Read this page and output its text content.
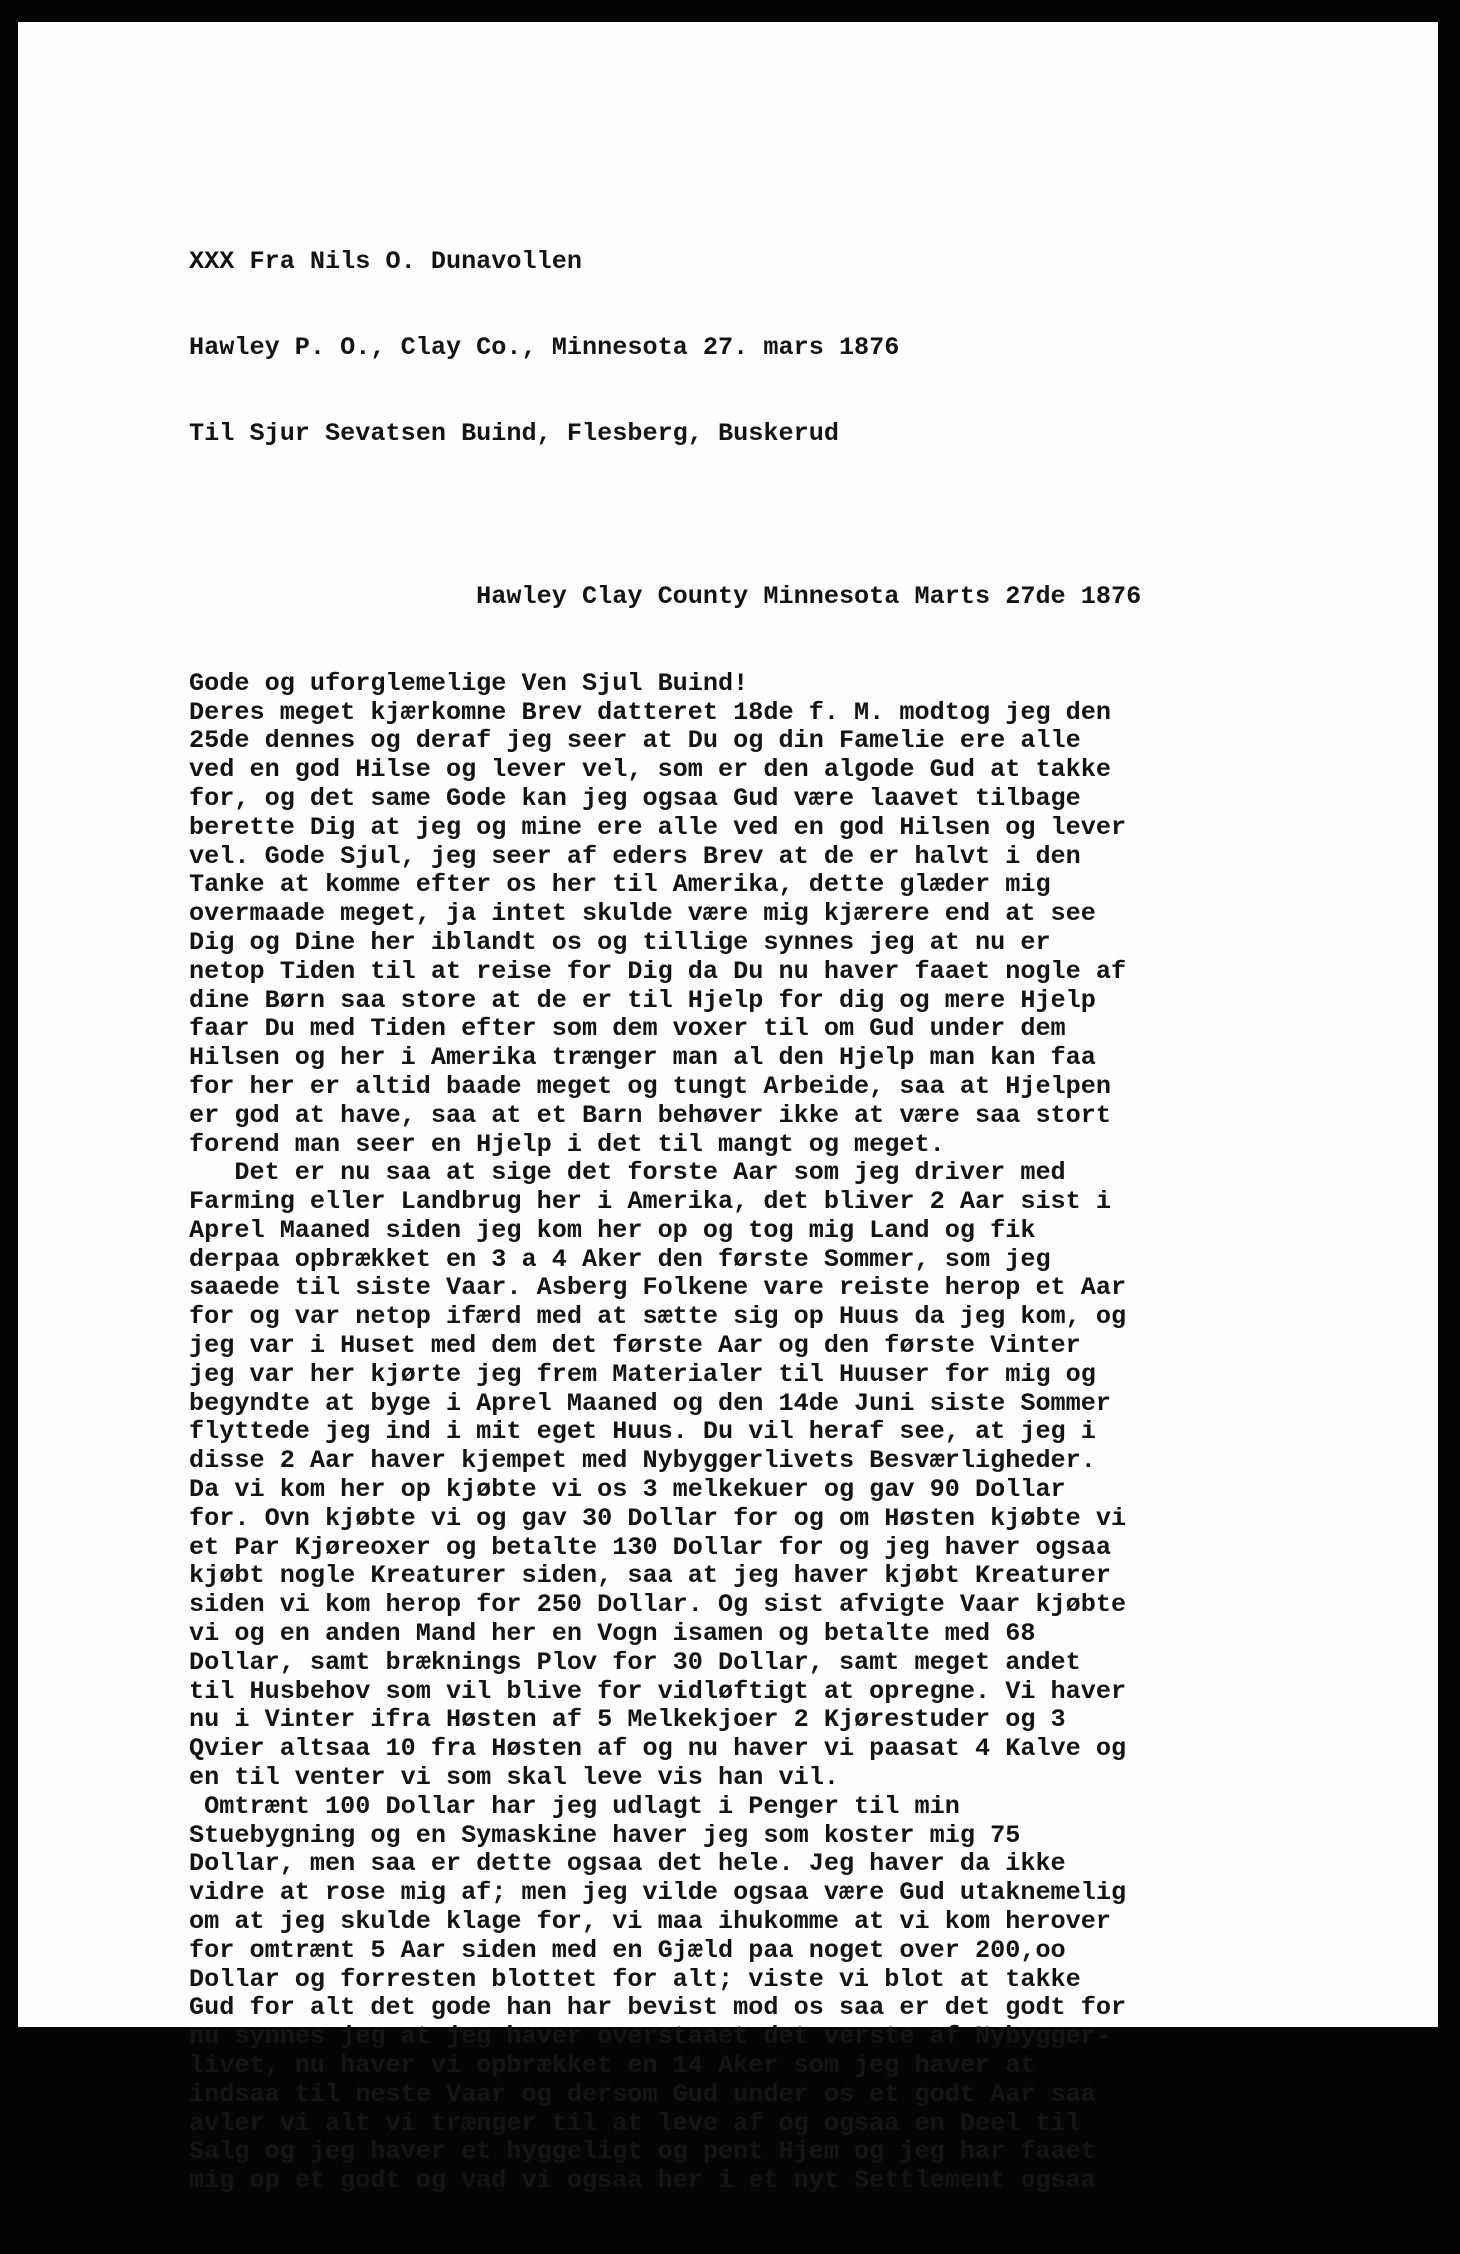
XXX Fra Nils O. Dunavollen

Hawley P. O., Clay Co., Minnesota 27. mars 1876

Til Sjur Sevatsen Buind, Flesberg, Buskerud

Hawley Clay County Minnesota Marts 27de 1876

Gode og uforglemelige Ven Sjul Buind!
Deres meget kjærkomne Brev datteret 18de f. M. modtog jeg den
25de dennes og deraf jeg seer at Du og din Famelie ere alle
ved en god Hilse og lever vel, som er den algode Gud at takke
for, og det same Gode kan jeg ogsaa Gud være laavet tilbage
berette Dig at jeg og mine ere alle ved en god Hilsen og lever
vel. Gode Sjul, jeg seer af eders Brev at de er halvt i den
Tanke at komme efter os her til Amerika, dette glæder mig
overmaade meget, ja intet skulde være mig kjærere end at see
Dig og Dine her iblandt os og tillige synnes jeg at nu er
netop Tiden til at reise for Dig da Du nu haver faaet nogle af
dine Børn saa store at de er til Hjelp for dig og mere Hjelp
faar Du med Tiden efter som dem voxer til om Gud under dem
Hilsen og her i Amerika trænger man al den Hjelp man kan faa
for her er altid baade meget og tungt Arbeide, saa at Hjelpen
er god at have, saa at et Barn behøver ikke at være saa stort
forend man seer en Hjelp i det til mangt og meget.
Det er nu saa at sige det forste Aar som jeg driver med
Farming eller Landbrug her i Amerika, det bliver 2 Aar sist i
Aprel Maaned siden jeg kom her op og tog mig Land og fik
derpaa opbrækket en 3 a 4 Aker den første Sommer, som jeg
saaede til siste Vaar. Asberg Folkene vare reiste herop et Aar
for og var netop ifærd med at sætte sig op Huus da jeg kom, og
jeg var i Huset med dem det første Aar og den første Vinter
jeg var her kjørte jeg frem Materialer til Huuser for mig og
begyndte at byge i Aprel Maaned og den 14de Juni siste Sommer
flyttede jeg ind i mit eget Huus. Du vil heraf see, at jeg i
disse 2 Aar haver kjempet med Nybyggerlivets Besværligheder.
Da vi kom her op kjøbte vi os 3 melkekuer og gav 90 Dollar
for. Ovn kjøbte vi og gav 30 Dollar for og om Høsten kjøbte vi
et Par Kjøreoxer og betalte 130 Dollar for og jeg haver ogsaa
kjøbt nogle Kreaturer siden, saa at jeg haver kjøbt Kreaturer
siden vi kom herop for 250 Dollar. Og sist afvigte Vaar kjøbte
vi og en anden Mand her en Vogn isamen og betalte med 68
Dollar, samt bræknings Plov for 30 Dollar, samt meget andet
til Husbehov som vil blive for vidløftigt at opregne. Vi haver
nu i Vinter ifra Høsten af 5 Melkekjoer 2 Kjørestuder og 3
Qvier altsaa 10 fra Høsten af og nu haver vi paasat 4 Kalve og
en til venter vi som skal leve vis han vil.
Omtrænt 100 Dollar har jeg udlagt i Penger til min
Stuebygning og en Symaskine haver jeg som koster mig 75
Dollar, men saa er dette ogsaa det hele. Jeg haver da ikke
vidre at rose mig af; men jeg vilde ogsaa være Gud utaknemelig
om at jeg skulde klage for, vi maa ihukomme at vi kom herover
for omtrænt 5 Aar siden med en Gjæld paa noget over 200,oo
Dollar og forresten blottet for alt; viste vi blot at takke
Gud for alt det gode han har bevist mod os saa er det godt for
nu synnes jeg at jeg haver overstaaet det verste af Nybygger-
livet, nu haver vi opbrækket en 14 Aker som jeg haver at
indsaa til neste Vaar og dersom Gud under os et godt Aar saa
avler vi alt vi trænger til at leve af og ogsaa en Deel til
Salg og jeg haver et hyggeligt og pent Hjem og jeg har faaet
mig op et godt og vad vi ogsaa her i et nyt Settlement ogsaa
